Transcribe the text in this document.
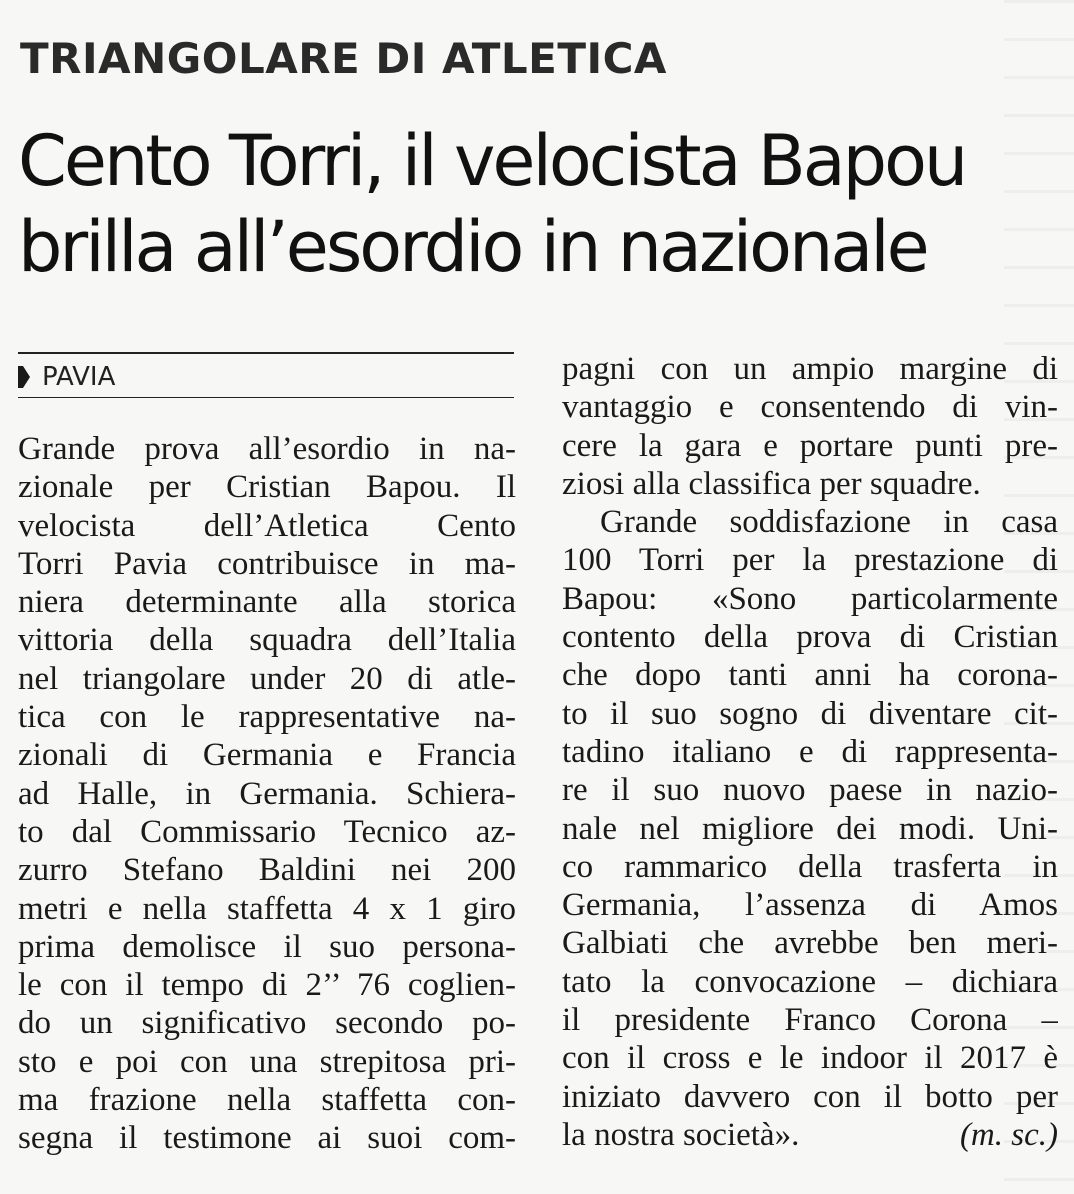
TRIANGOLARE DI ATLETICA
Cento Torri, il velocista Bapou
brilla all’esordio in nazionale
PAVIA
Grande prova all’esordio in na-
zionale per Cristian Bapou. Il
velocista dell’Atletica Cento
Torri Pavia contribuisce in ma-
niera determinante alla storica
vittoria della squadra dell’Italia
nel triangolare under 20 di atle-
tica con le rappresentative na-
zionali di Germania e Francia
ad Halle, in Germania. Schiera-
to dal Commissario Tecnico az-
zurro Stefano Baldini nei 200
metri e nella staffetta 4 x 1 giro
prima demolisce il suo persona-
le con il tempo di 2’’ 76 coglien-
do un significativo secondo po-
sto e poi con una strepitosa pri-
ma frazione nella staffetta con-
segna il testimone ai suoi com-
pagni con un ampio margine di
vantaggio e consentendo di vin-
cere la gara e portare punti pre-
ziosi alla classifica per squadre.
Grande soddisfazione in casa
100 Torri per la prestazione di
Bapou: «Sono particolarmente
contento della prova di Cristian
che dopo tanti anni ha corona-
to il suo sogno di diventare cit-
tadino italiano e di rappresenta-
re il suo nuovo paese in nazio-
nale nel migliore dei modi. Uni-
co rammarico della trasferta in
Germania, l’assenza di Amos
Galbiati che avrebbe ben meri-
tato la convocazione – dichiara
il presidente Franco Corona –
con il cross e le indoor il 2017 è
iniziato davvero con il botto per
la nostra società».	(m. sc.)
